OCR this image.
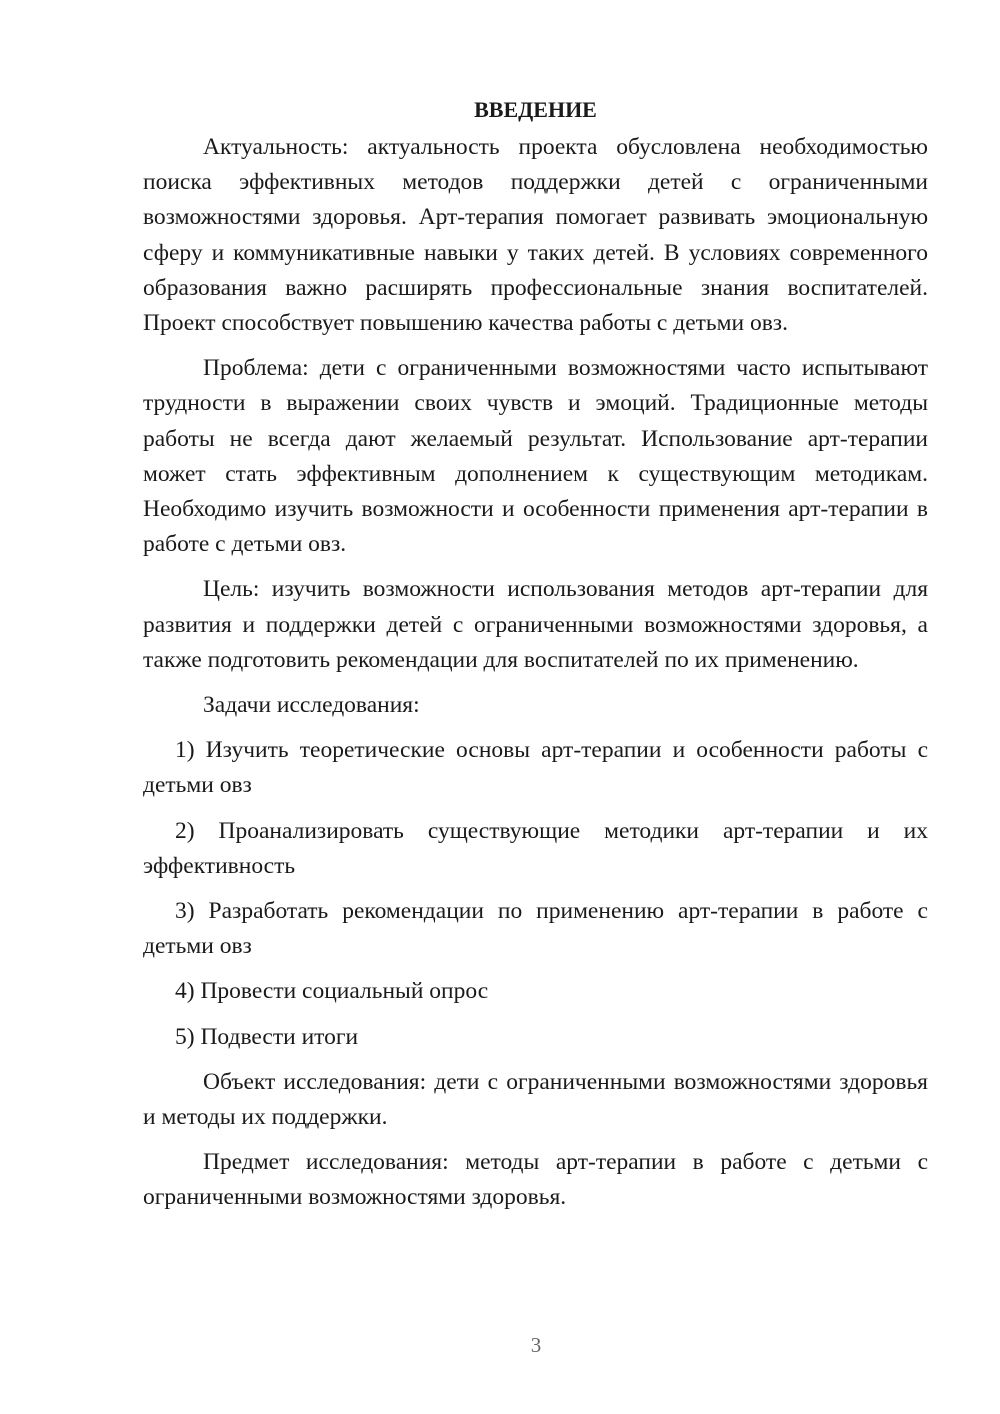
ВВЕДЕНИЕ

Актуальность: актуальность проекта обусловлена необходимостью поиска эффективных методов поддержки детей с ограниченными возможностями здоровья. Арт-терапия помогает развивать эмоциональную сферу и коммуникативные навыки у таких детей. В условиях современного образования важно расширять профессиональные знания воспитателей. Проект способствует повышению качества работы с детьми овз.

Проблема: дети с ограниченными возможностями часто испытывают трудности в выражении своих чувств и эмоций. Традиционные методы работы не всегда дают желаемый результат. Использование арт-терапии может стать эффективным дополнением к существующим методикам. Необходимо изучить возможности и особенности применения арт-терапии в работе с детьми овз.

Цель: изучить возможности использования методов арт-терапии для развития и поддержки детей с ограниченными возможностями здоровья, а также подготовить рекомендации для воспитателей по их применению.

Задачи исследования:

1) Изучить теоретические основы арт-терапии и особенности работы с детьми овз

2) Проанализировать существующие методики арт-терапии и их эффективность

3) Разработать рекомендации по применению арт-терапии в работе с детьми овз

4) Провести социальный опрос

5) Подвести итоги

Объект исследования: дети с ограниченными возможностями здоровья и методы их поддержки.

Предмет исследования: методы арт-терапии в работе с детьми с ограниченными возможностями здоровья.

3
